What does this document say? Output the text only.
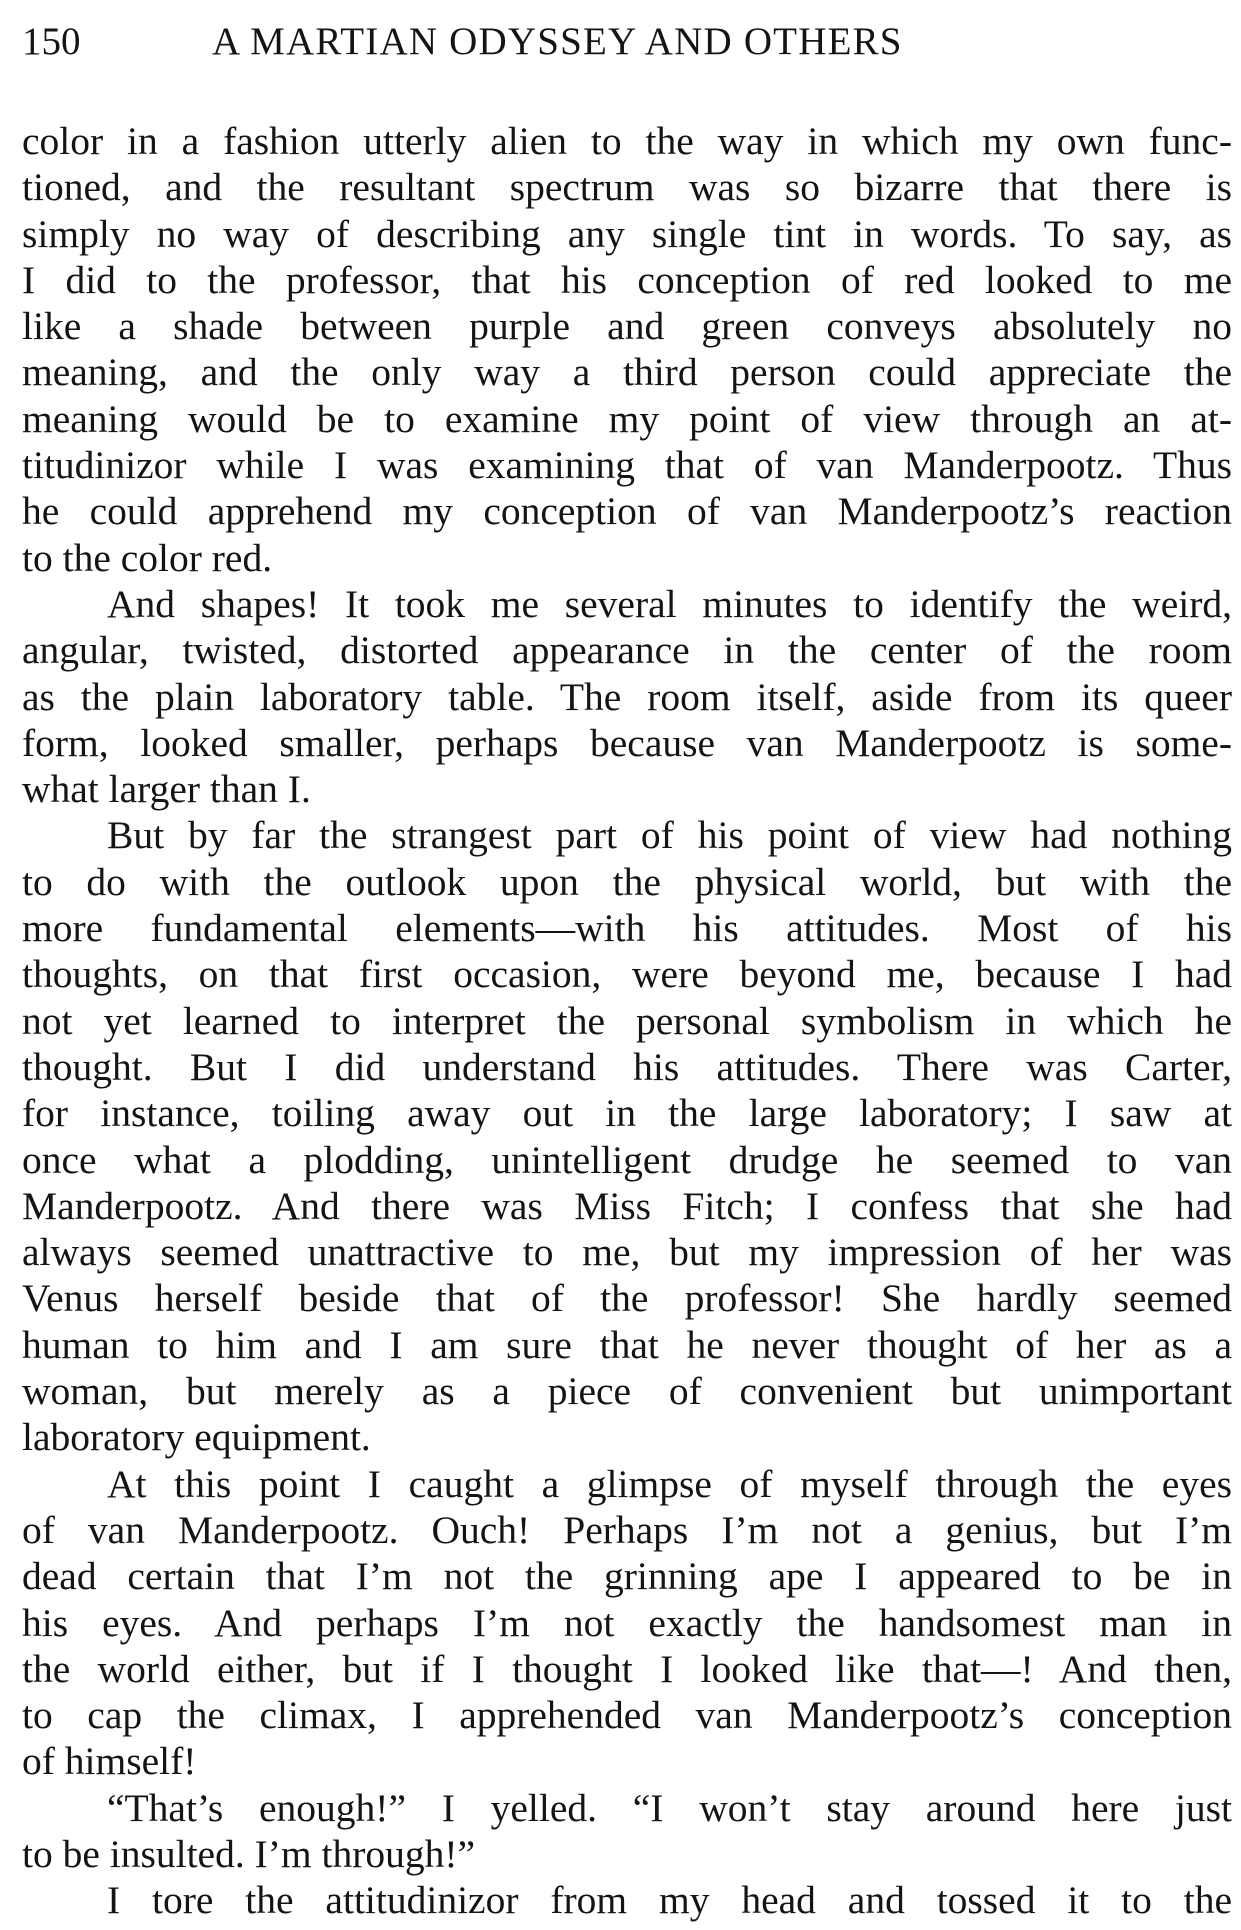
150	A MARTIAN ODYSSEY AND OTHERS
color in a fashion utterly alien to the way in which my own func-
tioned, and the resultant spectrum was so bizarre that there is
simply no way of describing any single tint in words. To say, as
I did to the professor, that his conception of red looked to me
like a shade between purple and green conveys absolutely no
meaning, and the only way a third person could appreciate the
meaning would be to examine my point of view through an at-
titudinizor while I was examining that of van Manderpootz. Thus
he could apprehend my conception of van Manderpootz’s reaction
to the color red.
And shapes! It took me several minutes to identify the weird,
angular, twisted, distorted appearance in the center of the room
as the plain laboratory table. The room itself, aside from its queer
form, looked smaller, perhaps because van Manderpootz is some-
what larger than I.
But by far the strangest part of his point of view had nothing
to do with the outlook upon the physical world, but with the
more fundamental elements—with his attitudes. Most of his
thoughts, on that first occasion, were beyond me, because I had
not yet learned to interpret the personal symbolism in which he
thought. But I did understand his attitudes. There was Carter,
for instance, toiling away out in the large laboratory; I saw at
once what a plodding, unintelligent drudge he seemed to van
Manderpootz. And there was Miss Fitch; I confess that she had
always seemed unattractive to me, but my impression of her was
Venus herself beside that of the professor! She hardly seemed
human to him and I am sure that he never thought of her as a
woman, but merely as a piece of convenient but unimportant
laboratory equipment.
At this point I caught a glimpse of myself through the eyes
of van Manderpootz. Ouch! Perhaps I’m not a genius, but I’m
dead certain that I’m not the grinning ape I appeared to be in
his eyes. And perhaps I’m not exactly the handsomest man in
the world either, but if I thought I looked like that—! And then,
to cap the climax, I apprehended van Manderpootz’s conception
of himself!
“That’s enough!” I yelled. “I won’t stay around here just
to be insulted. I’m through!”
I tore the attitudinizor from my head and tossed it to the
